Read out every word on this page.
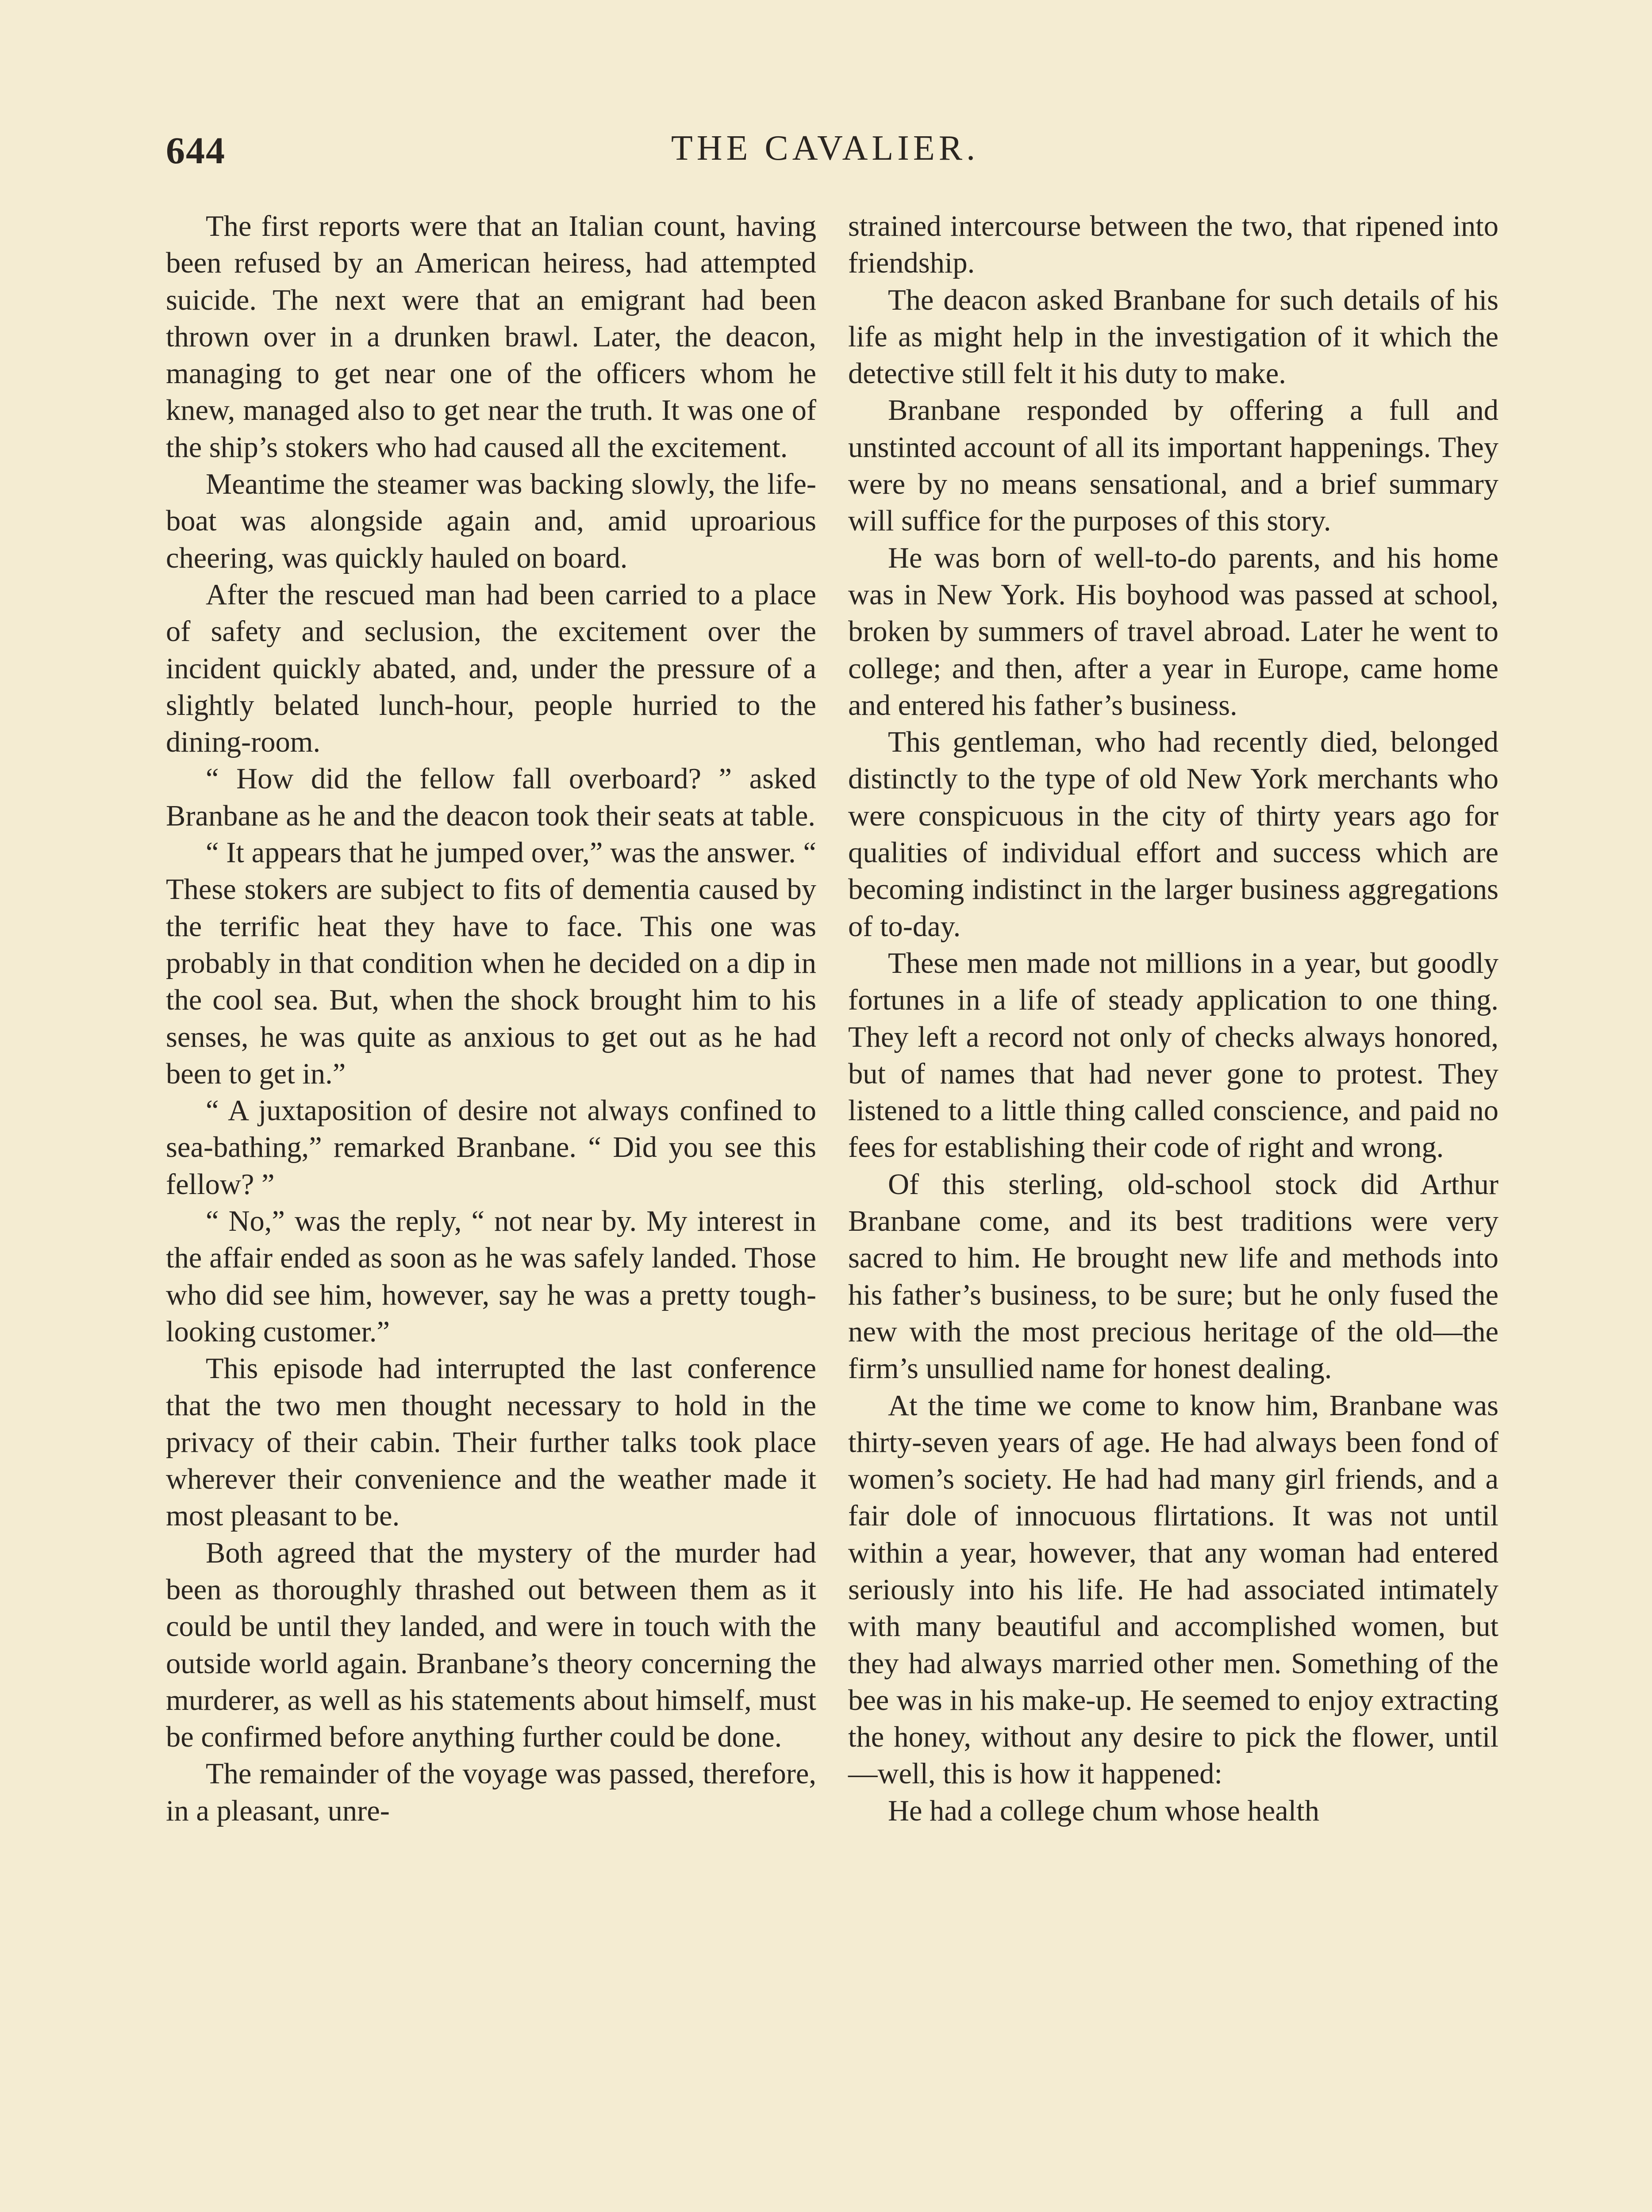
644	THE CAVALIER.

The first reports were that an Italian count, having been refused by an American heiress, had attempted suicide. The next were that an emigrant had been thrown over in a drunken brawl. Later, the deacon, managing to get near one of the officers whom he knew, managed also to get near the truth. It was one of the ship’s stokers who had caused all the excitement.

Meantime the steamer was backing slowly, the life-boat was alongside again and, amid uproarious cheering, was quickly hauled on board.

After the rescued man had been carried to a place of safety and seclusion, the excitement over the incident quickly abated, and, under the pressure of a slightly belated lunch-hour, people hurried to the dining-room.

“ How did the fellow fall overboard? ” asked Branbane as he and the deacon took their seats at table.

“ It appears that he jumped over,” was the answer. “ These stokers are subject to fits of dementia caused by the terrific heat they have to face. This one was probably in that condition when he decided on a dip in the cool sea. But, when the shock brought him to his senses, he was quite as anxious to get out as he had been to get in.”

“ A juxtaposition of desire not always confined to sea-bathing,” remarked Branbane. “ Did you see this fellow? ”

“ No,” was the reply, “ not near by. My interest in the affair ended as soon as he was safely landed. Those who did see him, however, say he was a pretty tough-looking customer.”

This episode had interrupted the last conference that the two men thought necessary to hold in the privacy of their cabin. Their further talks took place wherever their convenience and the weather made it most pleasant to be.

Both agreed that the mystery of the murder had been as thoroughly thrashed out between them as it could be until they landed, and were in touch with the outside world again. Branbane’s theory concerning the murderer, as well as his statements about himself, must be confirmed before anything further could be done.

The remainder of the voyage was passed, therefore, in a pleasant, unre-

strained intercourse between the two, that ripened into friendship.

The deacon asked Branbane for such details of his life as might help in the investigation of it which the detective still felt it his duty to make.

Branbane responded by offering a full and unstinted account of all its important happenings. They were by no means sensational, and a brief summary will suffice for the purposes of this story.

He was born of well-to-do parents, and his home was in New York. His boyhood was passed at school, broken by summers of travel abroad. Later he went to college; and then, after a year in Europe, came home and entered his father’s business.

This gentleman, who had recently died, belonged distinctly to the type of old New York merchants who were conspicuous in the city of thirty years ago for qualities of individual effort and success which are becoming indistinct in the larger business aggregations of to-day.

These men made not millions in a year, but goodly fortunes in a life of steady application to one thing. They left a record not only of checks always honored, but of names that had never gone to protest. They listened to a little thing called conscience, and paid no fees for establishing their code of right and wrong.

Of this sterling, old-school stock did Arthur Branbane come, and its best traditions were very sacred to him. He brought new life and methods into his father’s business, to be sure; but he only fused the new with the most precious heritage of the old—the firm’s unsullied name for honest dealing.

At the time we come to know him, Branbane was thirty-seven years of age. He had always been fond of women’s society. He had had many girl friends, and a fair dole of innocuous flirtations. It was not until within a year, however, that any woman had entered seriously into his life. He had associated intimately with many beautiful and accomplished women, but they had always married other men. Something of the bee was in his make-up. He seemed to enjoy extracting the honey, without any desire to pick the flower, until—well, this is how it happened:

He had a college chum whose health
